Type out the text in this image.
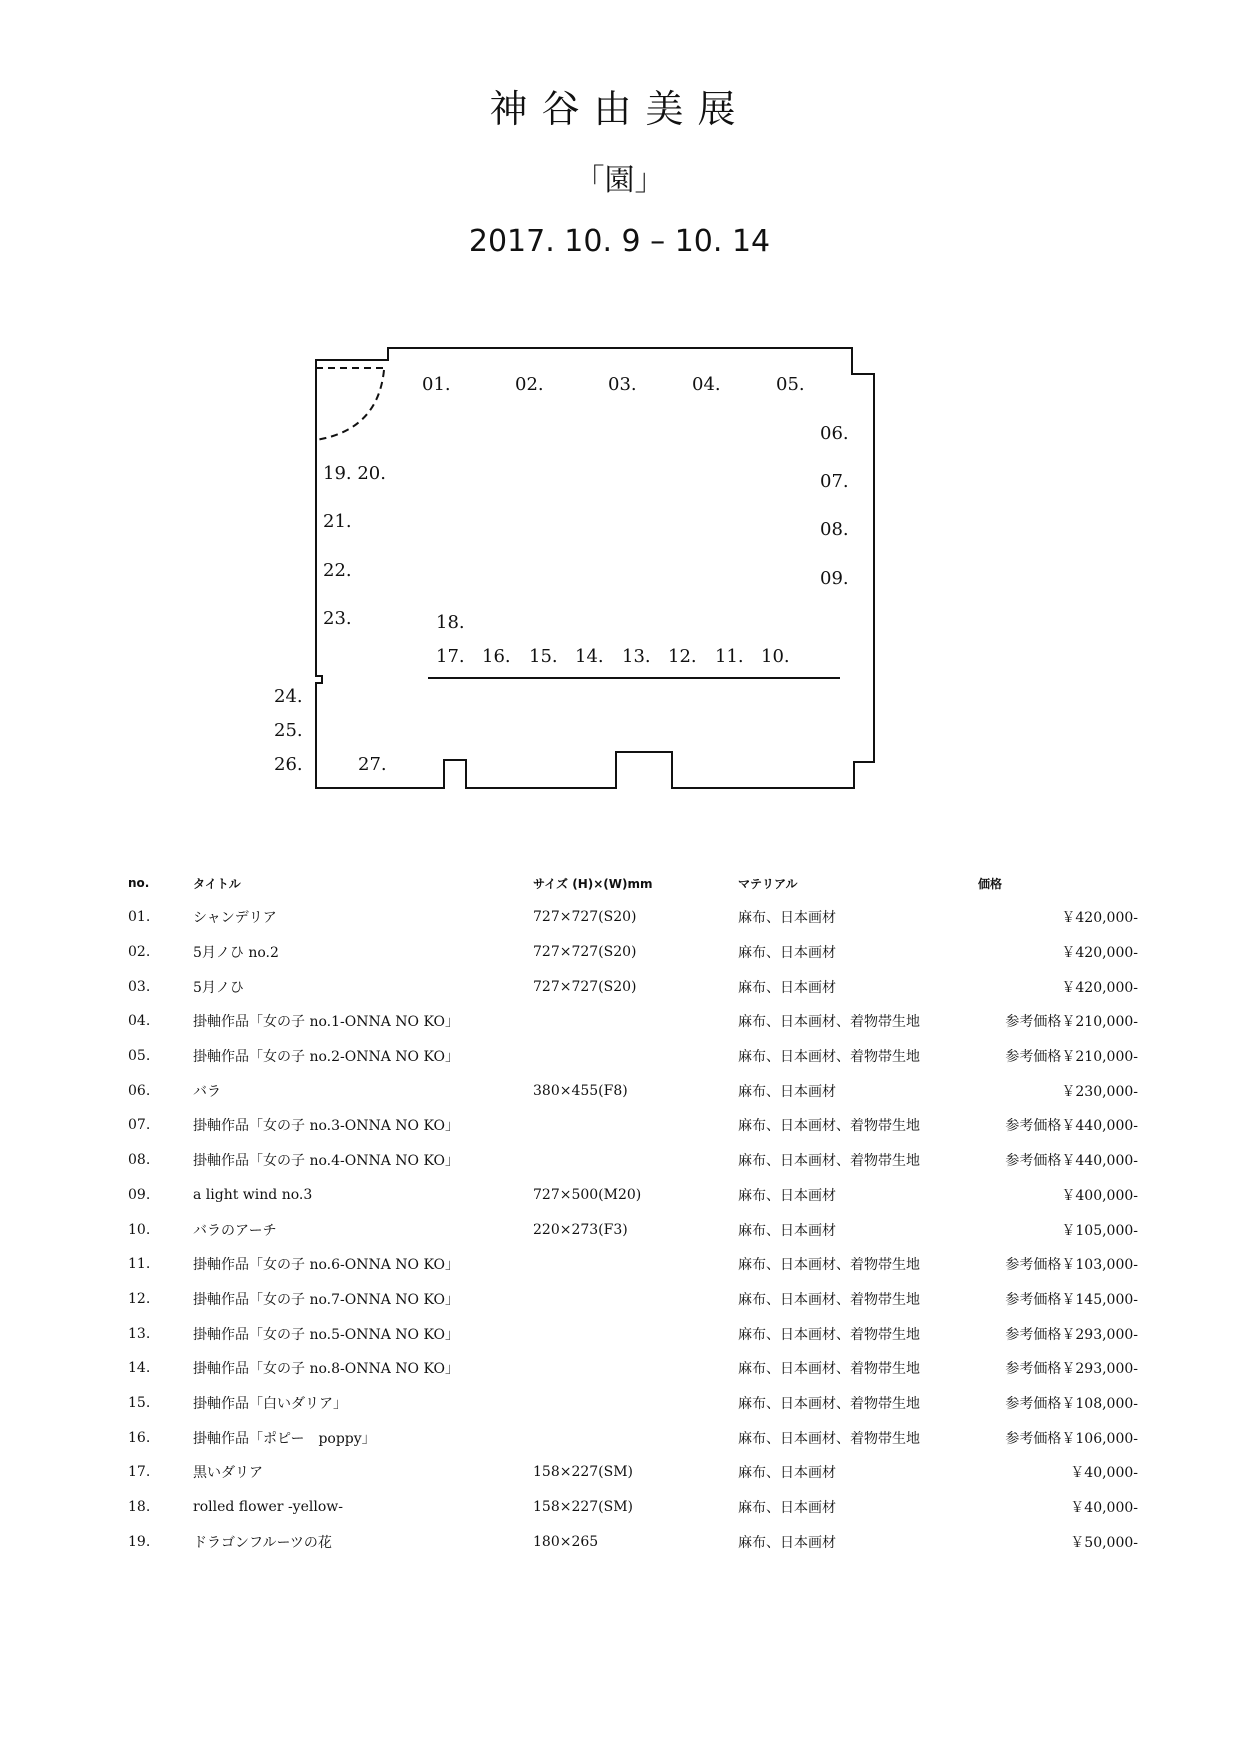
神谷由美展
「園」
2017. 10. 9 – 10. 14
01.	02.	03.	04.	05.
06.
07.
08.
09.
19. 20.
21.
22.
23.	18.
17. 16. 15. 14. 13. 12. 11. 10.
24.
25.
26.	27.
no.	タイトル	サイズ (H)×(W)mm	マテリアル	価格
01.	シャンデリア	727×727(S20)	麻布、日本画材	￥420,000-
02.	5月ノひ no.2	727×727(S20)	麻布、日本画材	￥420,000-
03.	5月ノひ	727×727(S20)	麻布、日本画材	￥420,000-
04.	掛軸作品「女の子 no.1-ONNA NO KO」		麻布、日本画材、着物帯生地	参考価格￥210,000-
05.	掛軸作品「女の子 no.2-ONNA NO KO」		麻布、日本画材、着物帯生地	参考価格￥210,000-
06.	バラ	380×455(F8)	麻布、日本画材	￥230,000-
07.	掛軸作品「女の子 no.3-ONNA NO KO」		麻布、日本画材、着物帯生地	参考価格￥440,000-
08.	掛軸作品「女の子 no.4-ONNA NO KO」		麻布、日本画材、着物帯生地	参考価格￥440,000-
09.	a light wind no.3	727×500(M20)	麻布、日本画材	￥400,000-
10.	バラのアーチ	220×273(F3)	麻布、日本画材	￥105,000-
11.	掛軸作品「女の子 no.6-ONNA NO KO」		麻布、日本画材、着物帯生地	参考価格￥103,000-
12.	掛軸作品「女の子 no.7-ONNA NO KO」		麻布、日本画材、着物帯生地	参考価格￥145,000-
13.	掛軸作品「女の子 no.5-ONNA NO KO」		麻布、日本画材、着物帯生地	参考価格￥293,000-
14.	掛軸作品「女の子 no.8-ONNA NO KO」		麻布、日本画材、着物帯生地	参考価格￥293,000-
15.	掛軸作品「白いダリア」		麻布、日本画材、着物帯生地	参考価格￥108,000-
16.	掛軸作品「ポピー　poppy」		麻布、日本画材、着物帯生地	参考価格￥106,000-
17.	黒いダリア	158×227(SM)	麻布、日本画材	￥40,000-
18.	rolled flower -yellow-	158×227(SM)	麻布、日本画材	￥40,000-
19.	ドラゴンフルーツの花	180×265	麻布、日本画材	￥50,000-
